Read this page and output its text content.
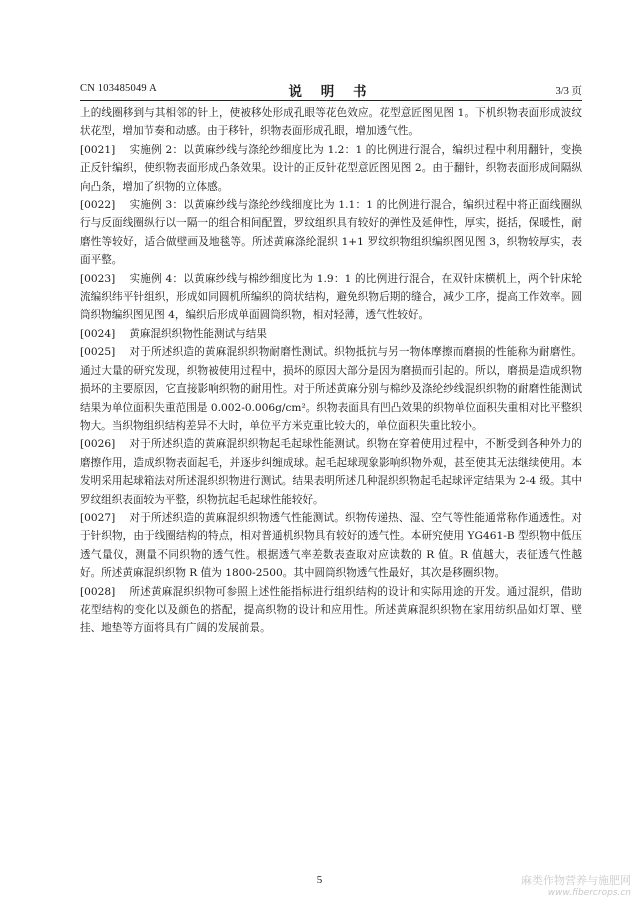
CN 103485049 A	说 明 书	3/3 页

上的线圈移到与其相邻的针上，使被移处形成孔眼等花色效应。花型意匠图见图 1。下机织物表面形成波纹状花型，增加节奏和动感。由于移针，织物表面形成孔眼，增加透气性。

[0021] 实施例 2：以黄麻纱线与涤纶纱细度比为 1.2：1 的比例进行混合，编织过程中利用翻针，变换正反针编织，使织物表面形成凸条效果。设计的正反针花型意匠图见图 2。由于翻针，织物表面形成间隔纵向凸条，增加了织物的立体感。

[0022] 实施例 3：以黄麻纱线与涤纶纱线细度比为 1.1：1 的比例进行混合，编织过程中将正面线圈纵行与反面线圈纵行以一隔一的组合相间配置，罗纹组织具有较好的弹性及延伸性，厚实，挺括，保暖性，耐磨性等较好，适合做壁画及地毯等。所述黄麻涤纶混织 1+1 罗纹织物组织编织图见图 3，织物较厚实，表面平整。

[0023] 实施例 4：以黄麻纱线与棉纱细度比为 1.9：1 的比例进行混合，在双针床横机上，两个针床轮流编织纬平针组织，形成如同圆机所编织的筒状结构，避免织物后期的缝合，减少工序，提高工作效率。圆筒织物编织图见图 4，编织后形成单面圆筒织物，相对轻薄，透气性较好。

[0024] 黄麻混织织物性能测试与结果

[0025] 对于所述织造的黄麻混织织物耐磨性测试。织物抵抗与另一物体摩擦而磨损的性能称为耐磨性。通过大量的研究发现，织物被使用过程中，损坏的原因大部分是因为磨损而引起的。所以，磨损是造成织物损坏的主要原因，它直接影响织物的耐用性。对于所述黄麻分别与棉纱及涤纶纱线混织织物的耐磨性能测试结果为单位面积失重范围是 0.002-0.006g/cm²。织物表面具有凹凸效果的织物单位面积失重相对比平整织物大。当织物组织结构差异不大时，单位平方米克重比较大的，单位面积失重比较小。

[0026] 对于所述织造的黄麻混织织物起毛起球性能测试。织物在穿着使用过程中，不断受到各种外力的磨擦作用，造成织物表面起毛，并逐步纠缠成球。起毛起球现象影响织物外观，甚至使其无法继续使用。本发明采用起球箱法对所述混织织物进行测试。结果表明所述几种混织织物起毛起球评定结果为 2-4 级。其中罗纹组织表面较为平整，织物抗起毛起球性能较好。

[0027] 对于所述织造的黄麻混织织物透气性能测试。织物传递热、湿、空气等性能通常称作通透性。对于针织物，由于线圈结构的特点，相对普通机织物具有较好的透气性。本研究使用 YG461-B 型织物中低压透气量仪，测量不同织物的透气性。根据透气率差数表查取对应读数的 R 值。R 值越大，表征透气性越好。所述黄麻混织织物 R 值为 1800-2500。其中圆筒织物透气性最好，其次是移圈织物。

[0028] 所述黄麻混织织物可参照上述性能指标进行组织结构的设计和实际用途的开发。通过混织，借助花型结构的变化以及颜色的搭配，提高织物的设计和应用性。所述黄麻混织织物在家用纺织品如灯罩、壁挂、地垫等方面将具有广阔的发展前景。

5	麻类作物营养与施肥网
www.fibercrops.cn
